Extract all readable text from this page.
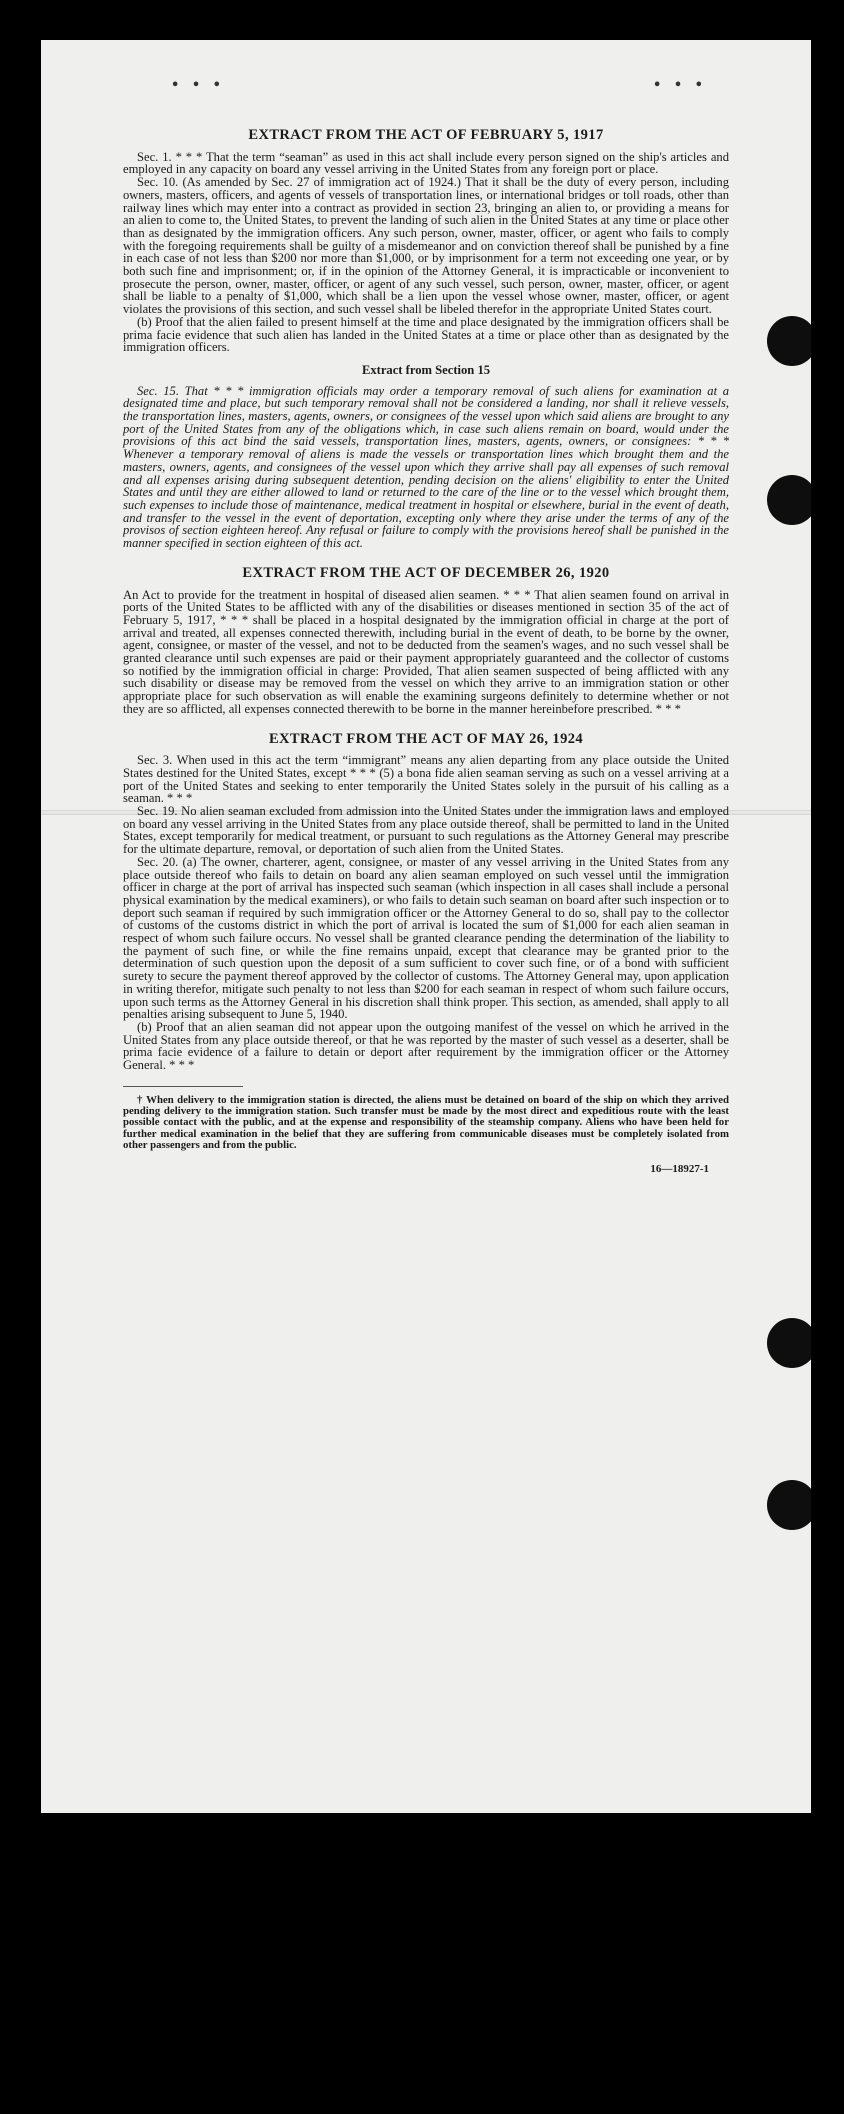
• • •	• • •
EXTRACT FROM THE ACT OF FEBRUARY 5, 1917

Sec. 1. * * * That the term “seaman” as used in this act shall include every person signed on the ship's articles and employed in any capacity on board any vessel arriving in the United States from any foreign port or place.

Sec. 10. (As amended by Sec. 27 of immigration act of 1924.) That it shall be the duty of every person, including owners, masters, officers, and agents of vessels of transportation lines, or international bridges or toll roads, other than railway lines which may enter into a contract as provided in section 23, bringing an alien to, or providing a means for an alien to come to, the United States, to prevent the landing of such alien in the United States at any time or place other than as designated by the immigration officers. Any such person, owner, master, officer, or agent who fails to comply with the foregoing requirements shall be guilty of a misdemeanor and on conviction thereof shall be punished by a fine in each case of not less than $200 nor more than $1,000, or by imprisonment for a term not exceeding one year, or by both such fine and imprisonment; or, if in the opinion of the Attorney General, it is impracticable or inconvenient to prosecute the person, owner, master, officer, or agent of any such vessel, such person, owner, master, officer, or agent shall be liable to a penalty of $1,000, which shall be a lien upon the vessel whose owner, master, officer, or agent violates the provisions of this section, and such vessel shall be libeled therefor in the appropriate United States court.

(b) Proof that the alien failed to present himself at the time and place designated by the immigration officers shall be prima facie evidence that such alien has landed in the United States at a time or place other than as designated by the immigration officers.

Extract from Section 15

Sec. 15. That * * * immigration officials may order a temporary removal of such aliens for examination at a designated time and place, but such temporary removal shall not be considered a landing, nor shall it relieve vessels, the transportation lines, masters, agents, owners, or consignees of the vessel upon which said aliens are brought to any port of the United States from any of the obligations which, in case such aliens remain on board, would under the provisions of this act bind the said vessels, transportation lines, masters, agents, owners, or consignees: * * * Whenever a temporary removal of aliens is made the vessels or transportation lines which brought them and the masters, owners, agents, and consignees of the vessel upon which they arrive shall pay all expenses of such removal and all expenses arising during subsequent detention, pending decision on the aliens' eligibility to enter the United States and until they are either allowed to land or returned to the care of the line or to the vessel which brought them, such expenses to include those of maintenance, medical treatment in hospital or elsewhere, burial in the event of death, and transfer to the vessel in the event of deportation, excepting only where they arise under the terms of any of the provisos of section eighteen hereof. Any refusal or failure to comply with the provisions hereof shall be punished in the manner specified in section eighteen of this act.

EXTRACT FROM THE ACT OF DECEMBER 26, 1920

An Act to provide for the treatment in hospital of diseased alien seamen. * * * That alien seamen found on arrival in ports of the United States to be afflicted with any of the disabilities or diseases mentioned in section 35 of the act of February 5, 1917, * * * shall be placed in a hospital designated by the immigration official in charge at the port of arrival and treated, all expenses connected therewith, including burial in the event of death, to be borne by the owner, agent, consignee, or master of the vessel, and not to be deducted from the seamen's wages, and no such vessel shall be granted clearance until such expenses are paid or their payment appropriately guaranteed and the collector of customs so notified by the immigration official in charge: Provided, That alien seamen suspected of being afflicted with any such disability or disease may be removed from the vessel on which they arrive to an immigration station or other appropriate place for such observation as will enable the examining surgeons definitely to determine whether or not they are so afflicted, all expenses connected therewith to be borne in the manner hereinbefore prescribed. * * *

EXTRACT FROM THE ACT OF MAY 26, 1924

Sec. 3. When used in this act the term “immigrant” means any alien departing from any place outside the United States destined for the United States, except * * * (5) a bona fide alien seaman serving as such on a vessel arriving at a port of the United States and seeking to enter temporarily the United States solely in the pursuit of his calling as a seaman. * * *

Sec. 19. No alien seaman excluded from admission into the United States under the immigration laws and employed on board any vessel arriving in the United States from any place outside thereof, shall be permitted to land in the United States, except temporarily for medical treatment, or pursuant to such regulations as the Attorney General may prescribe for the ultimate departure, removal, or deportation of such alien from the United States.

Sec. 20. (a) The owner, charterer, agent, consignee, or master of any vessel arriving in the United States from any place outside thereof who fails to detain on board any alien seaman employed on such vessel until the immigration officer in charge at the port of arrival has inspected such seaman (which inspection in all cases shall include a personal physical examination by the medical examiners), or who fails to detain such seaman on board after such inspection or to deport such seaman if required by such immigration officer or the Attorney General to do so, shall pay to the collector of customs of the customs district in which the port of arrival is located the sum of $1,000 for each alien seaman in respect of whom such failure occurs. No vessel shall be granted clearance pending the determination of the liability to the payment of such fine, or while the fine remains unpaid, except that clearance may be granted prior to the determination of such question upon the deposit of a sum sufficient to cover such fine, or of a bond with sufficient surety to secure the payment thereof approved by the collector of customs. The Attorney General may, upon application in writing therefor, mitigate such penalty to not less than $200 for each seaman in respect of whom such failure occurs, upon such terms as the Attorney General in his discretion shall think proper. This section, as amended, shall apply to all penalties arising subsequent to June 5, 1940.

(b) Proof that an alien seaman did not appear upon the outgoing manifest of the vessel on which he arrived in the United States from any place outside thereof, or that he was reported by the master of such vessel as a deserter, shall be prima facie evidence of a failure to detain or deport after requirement by the immigration officer or the Attorney General. * * *

† When delivery to the immigration station is directed, the aliens must be detained on board of the ship on which they arrived pending delivery to the immigration station. Such transfer must be made by the most direct and expeditious route with the least possible contact with the public, and at the expense and responsibility of the steamship company. Aliens who have been held for further medical examination in the belief that they are suffering from communicable diseases must be completely isolated from other passengers and from the public.

16—18927-1
